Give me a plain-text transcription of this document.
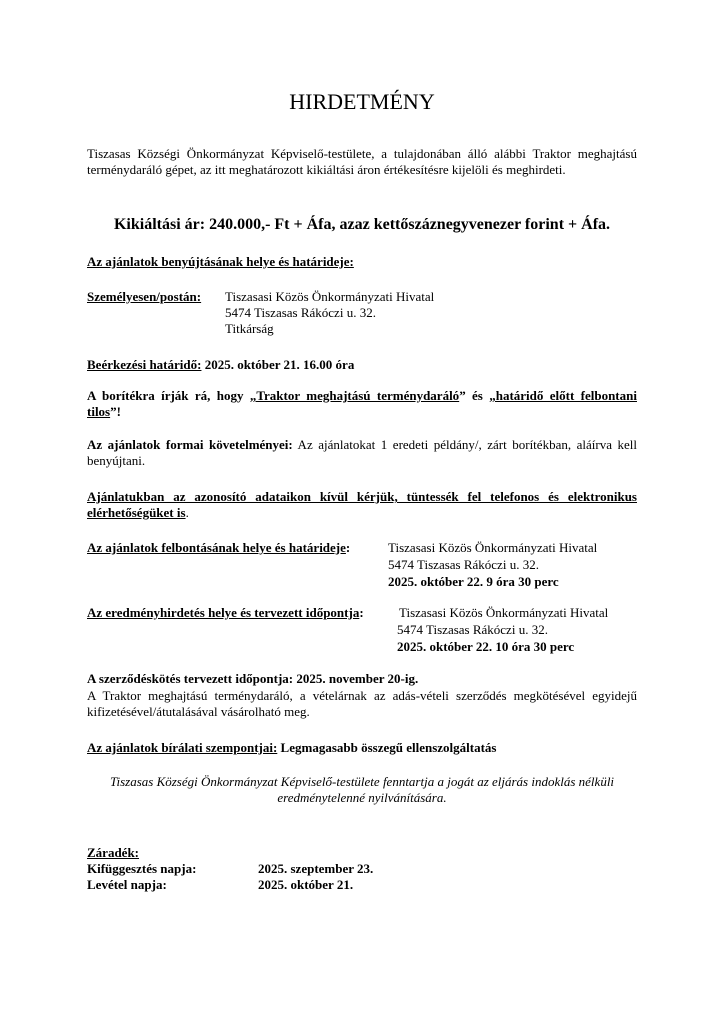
HIRDETMÉNY
Tiszasas Községi Önkormányzat Képviselő-testülete, a tulajdonában álló alábbi Traktor meghajtású terménydaráló gépet, az itt meghatározott kikiáltási áron értékesítésre kijelöli és meghirdeti.
Kikiáltási ár: 240.000,- Ft + Áfa, azaz kettőszáznegyvenezer forint + Áfa.
Az ajánlatok benyújtásának helye és határideje:
Személyesen/postán: Tiszasasi Közös Önkormányzati Hivatal
5474 Tiszasas Rákóczi u. 32.
Titkárság
Beérkezési határidő: 2025. október 21. 16.00 óra
A borítékra írják rá, hogy „Traktor meghajtású terménydaráló” és „határidő előtt felbontani tilos”!
Az ajánlatok formai követelményei: Az ajánlatokat 1 eredeti példány/, zárt borítékban, aláírva kell benyújtani.
Ajánlatukban az azonosító adataikon kívül kérjük, tüntessék fel telefonos és elektronikus elérhetőségüket is.
Az ajánlatok felbontásának helye és határideje:	Tiszasasi Közös Önkormányzati Hivatal
5474 Tiszasas Rákóczi u. 32.
2025. október 22. 9 óra 30 perc
Az eredményhirdetés helye és tervezett időpontja:	Tiszasasi Közös Önkormányzati Hivatal
5474 Tiszasas Rákóczi u. 32.
2025. október 22. 10 óra 30 perc
A szerződéskötés tervezett időpontja: 2025. november 20-ig.
A Traktor meghajtású terménydaráló, a vételárnak az adás-vételi szerződés megkötésével egyidejű kifizetésével/átutalásával vásárolható meg.
Az ajánlatok bírálati szempontjai: Legmagasabb összegű ellenszolgáltatás
Tiszasas Községi Önkormányzat Képviselő-testülete fenntartja a jogát az eljárás indoklás nélküli eredménytelenné nyilvánítására.
Záradék:
Kifüggesztés napja:	2025. szeptember 23.
Levétel napja:	2025. október 21.
